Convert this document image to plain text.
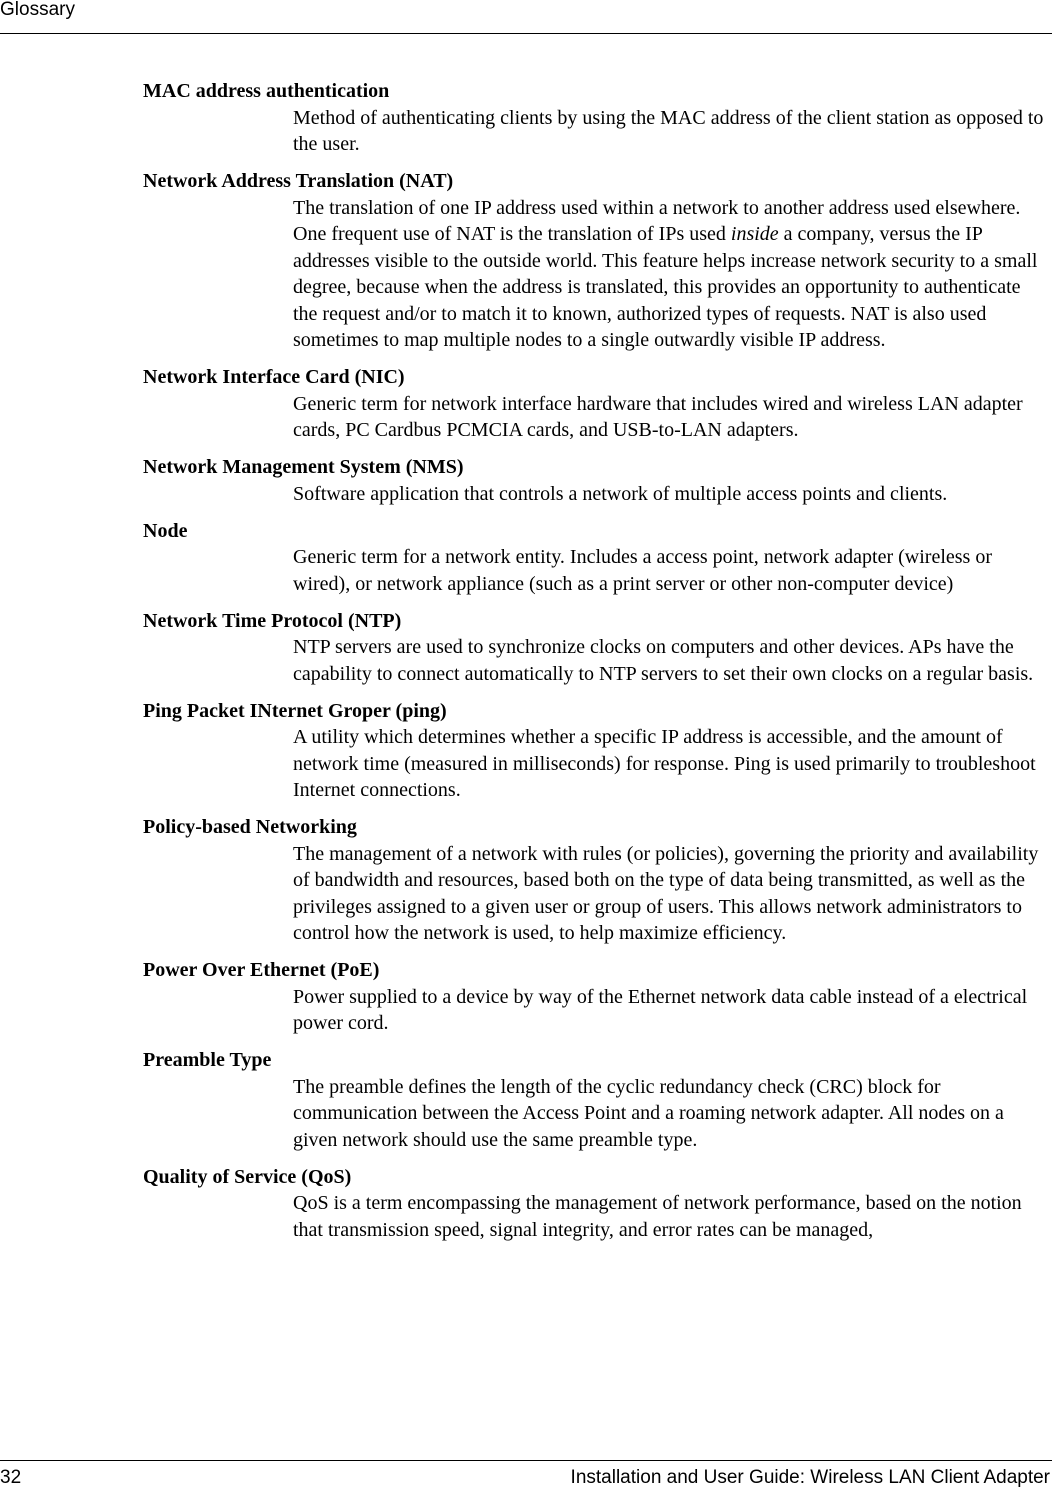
Glossary
MAC address authentication
Method of authenticating clients by using the MAC address of the client station as opposed to the user.
Network Address Translation (NAT)
The translation of one IP address used within a network to another address used elsewhere. One frequent use of NAT is the translation of IPs used inside a company, versus the IP addresses visible to the outside world. This feature helps increase network security to a small degree, because when the address is translated, this provides an opportunity to authenticate the request and/or to match it to known, authorized types of requests. NAT is also used sometimes to map multiple nodes to a single outwardly visible IP address.
Network Interface Card (NIC)
Generic term for network interface hardware that includes wired and wireless LAN adapter cards, PC Cardbus PCMCIA cards, and USB-to-LAN adapters.
Network Management System (NMS)
Software application that controls a network of multiple access points and clients.
Node
Generic term for a network entity. Includes a access point, network adapter (wireless or wired), or network appliance (such as a print server or other non-computer device)
Network Time Protocol (NTP)
NTP servers are used to synchronize clocks on computers and other devices. APs have the capability to connect automatically to NTP servers to set their own clocks on a regular basis.
Ping Packet INternet Groper (ping)
A utility which determines whether a specific IP address is accessible, and the amount of network time (measured in milliseconds) for response. Ping is used primarily to troubleshoot Internet connections.
Policy-based Networking
The management of a network with rules (or policies), governing the priority and availability of bandwidth and resources, based both on the type of data being transmitted, as well as the privileges assigned to a given user or group of users. This allows network administrators to control how the network is used, to help maximize efficiency.
Power Over Ethernet (PoE)
Power supplied to a device by way of the Ethernet network data cable instead of a electrical power cord.
Preamble Type
The preamble defines the length of the cyclic redundancy check (CRC) block for communication between the Access Point and a roaming network adapter. All nodes on a given network should use the same preamble type.
Quality of Service (QoS)
QoS is a term encompassing the management of network performance, based on the notion that transmission speed, signal integrity, and error rates can be managed,
32	Installation and User Guide: Wireless LAN Client Adapter
